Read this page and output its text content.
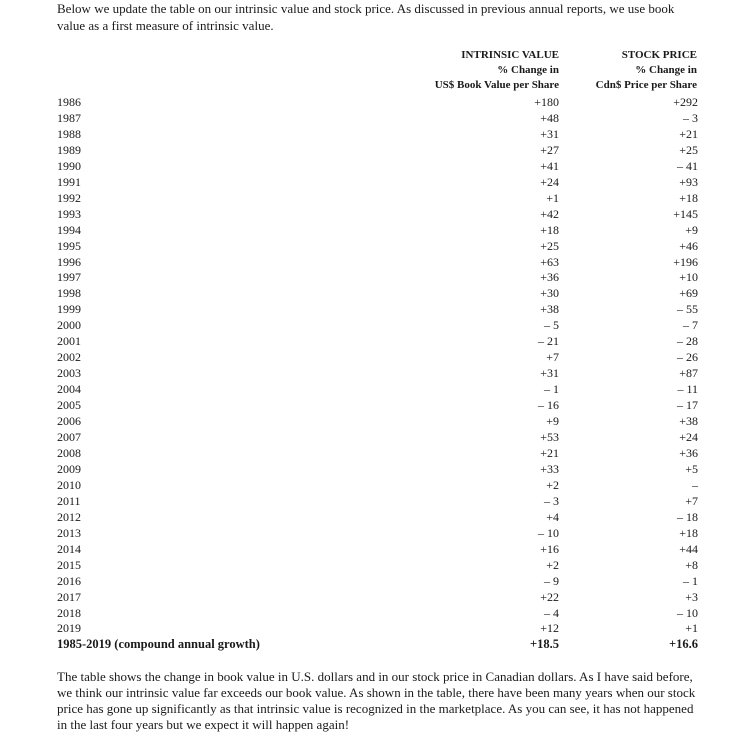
Below we update the table on our intrinsic value and stock price. As discussed in previous annual reports, we use book value as a first measure of intrinsic value.

INTRINSIC VALUE
% Change in
US$ Book Value per Share
STOCK PRICE
% Change in
Cdn$ Price per Share
1986	+180	+292
1987	+48	– 3
1988	+31	+21
1989	+27	+25
1990	+41	– 41
1991	+24	+93
1992	+1	+18
1993	+42	+145
1994	+18	+9
1995	+25	+46
1996	+63	+196
1997	+36	+10
1998	+30	+69
1999	+38	– 55
2000	– 5	– 7
2001	– 21	– 28
2002	+7	– 26
2003	+31	+87
2004	– 1	– 11
2005	– 16	– 17
2006	+9	+38
2007	+53	+24
2008	+21	+36
2009	+33	+5
2010	+2	–
2011	– 3	+7
2012	+4	– 18
2013	– 10	+18
2014	+16	+44
2015	+2	+8
2016	– 9	– 1
2017	+22	+3
2018	– 4	– 10
2019	+12	+1
1985-2019 (compound annual growth)	+18.5	+16.6

The table shows the change in book value in U.S. dollars and in our stock price in Canadian dollars. As I have said before, we think our intrinsic value far exceeds our book value. As shown in the table, there have been many years when our stock price has gone up significantly as that intrinsic value is recognized in the marketplace. As you can see, it has not happened in the last four years but we expect it will happen again!
